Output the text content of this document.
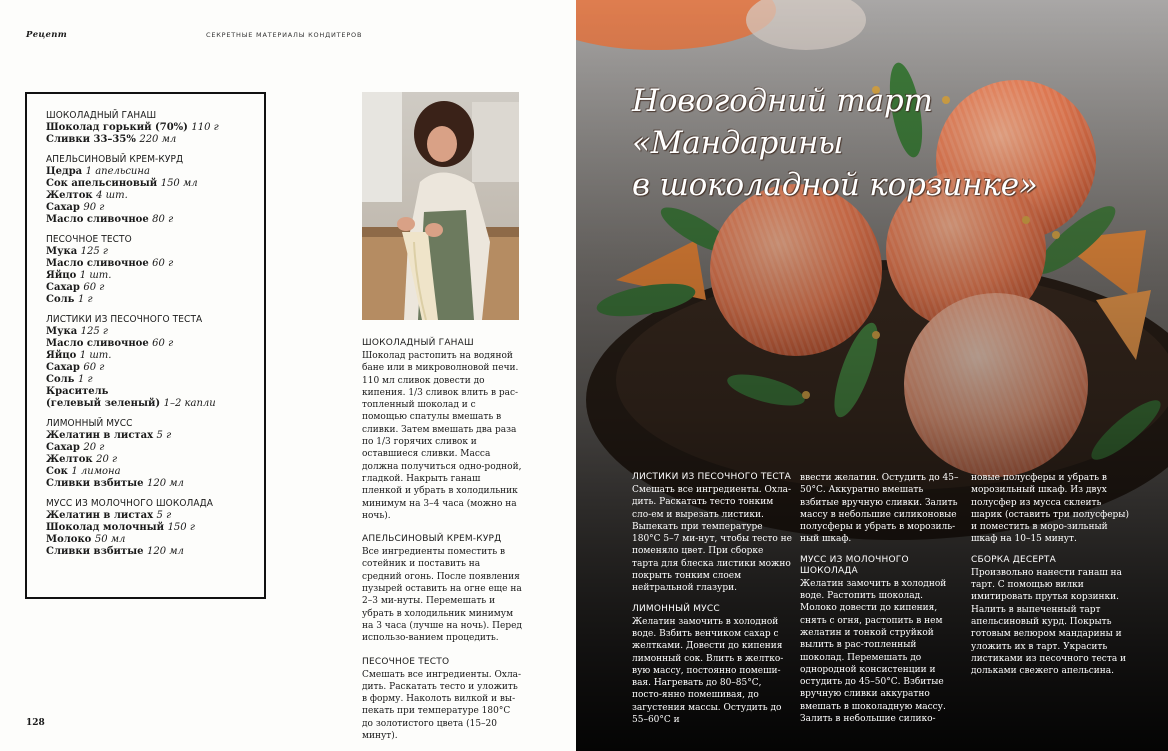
Рецепт	СЕКРЕТНЫЕ МАТЕРИАЛЫ КОНДИТЕРОВ
ШОКОЛАДНЫЙ ГАНАШ
Шоколад горький (70%) 110 г
Сливки 33–35% 220 мл
АПЕЛЬСИНОВЫЙ КРЕМ-КУРД
Цедра 1 апельсина
Сок апельсиновый 150 мл
Желток 4 шт.
Сахар 90 г
Масло сливочное 80 г
ПЕСОЧНОЕ ТЕСТО
Мука 125 г
Масло сливочное 60 г
Яйцо 1 шт.
Сахар 60 г
Соль 1 г
ЛИСТИКИ ИЗ ПЕСОЧНОГО ТЕСТА
Мука 125 г
Масло сливочное 60 г
Яйцо 1 шт.
Сахар 60 г
Соль 1 г
Краситель
(гелевый зеленый) 1–2 капли
ЛИМОННЫЙ МУСС
Желатин в листах 5 г
Сахар 20 г
Желток 20 г
Сок 1 лимона
Сливки взбитые 120 мл
МУСС ИЗ МОЛОЧНОГО ШОКОЛАДА
Желатин в листах 5 г
Шоколад молочный 150 г
Молоко 50 мл
Сливки взбитые 120 мл
ШОКОЛАДНЫЙ ГАНАШ
Шоколад растопить на водяной бане или в микроволновой печи. 110 мл сливок довести до кипения. 1/3 сливок влить в рас-топленный шоколад и с помощью спатулы вмешать в сливки. Затем вмешать два раза по 1/3 горячих сливок и оставшиеся сливки. Масса должна получиться одно-родной, гладкой. Накрыть ганаш пленкой и убрать в холодильник минимум на 3–4 часа (можно на ночь).
АПЕЛЬСИНОВЫЙ КРЕМ-КУРД
Все ингредиенты поместить в сотейник и поставить на средний огонь. После появления пузырей оставить на огне еще на 2–3 ми-нуты. Перемешать и убрать в холодильник минимум на 3 часа (лучше на ночь). Перед использо-ванием процедить.
ПЕСОЧНОЕ ТЕСТО
Смешать все ингредиенты. Охла-дить. Раскатать тесто и уложить в форму. Наколоть вилкой и вы-пекать при температуре 180°С до золотистого цвета (15–20 минут).
128
Новогодний тарт
«Мандарины
в шоколадной корзинке»
ЛИСТИКИ ИЗ ПЕСОЧНОГО ТЕСТА
Смешать все ингредиенты. Охла-дить. Раскатать тесто тонким сло-ем и вырезать листики. Выпекать при температуре 180°С 5–7 ми-нут, чтобы тесто не поменяло цвет. При сборке тарта для блеска листики можно покрыть тонким слоем нейтральной глазури.
ЛИМОННЫЙ МУСС
Желатин замочить в холодной воде. Взбить венчиком сахар с желтками. Довести до кипения лимонный сок. Влить в желтко-вую массу, постоянно помеши-вая. Нагревать до 80–85°С, посто-янно помешивая, до загустения массы. Остудить до 55–60°С и
ввести желатин. Остудить до 45–50°С. Аккуратно вмешать взбитые вручную сливки. Залить массу в небольшие силиконовые полусферы и убрать в морозиль-ный шкаф.
МУСС ИЗ МОЛОЧНОГО ШОКОЛАДА
Желатин замочить в холодной воде. Растопить шоколад. Молоко довести до кипения, снять с огня, растопить в нем желатин и тонкой струйкой вылить в рас-топленный шоколад. Перемешать до однородной консистенции и остудить до 45–50°С. Взбитые вручную сливки аккуратно вмешать в шоколадную массу. Залить в небольшие силико-
новые полусферы и убрать в морозильный шкаф. Из двух полусфер из мусса склеить шарик (оставить три полусферы) и поместить в моро-зильный шкаф на 10–15 минут.
СБОРКА ДЕСЕРТА
Произвольно нанести ганаш на тарт. С помощью вилки имитировать прутья корзинки. Налить в выпеченный тарт апельсиновый курд. Покрыть готовым велюром мандарины и уложить их в тарт. Украсить листиками из песочного теста и дольками свежего апельсина.
